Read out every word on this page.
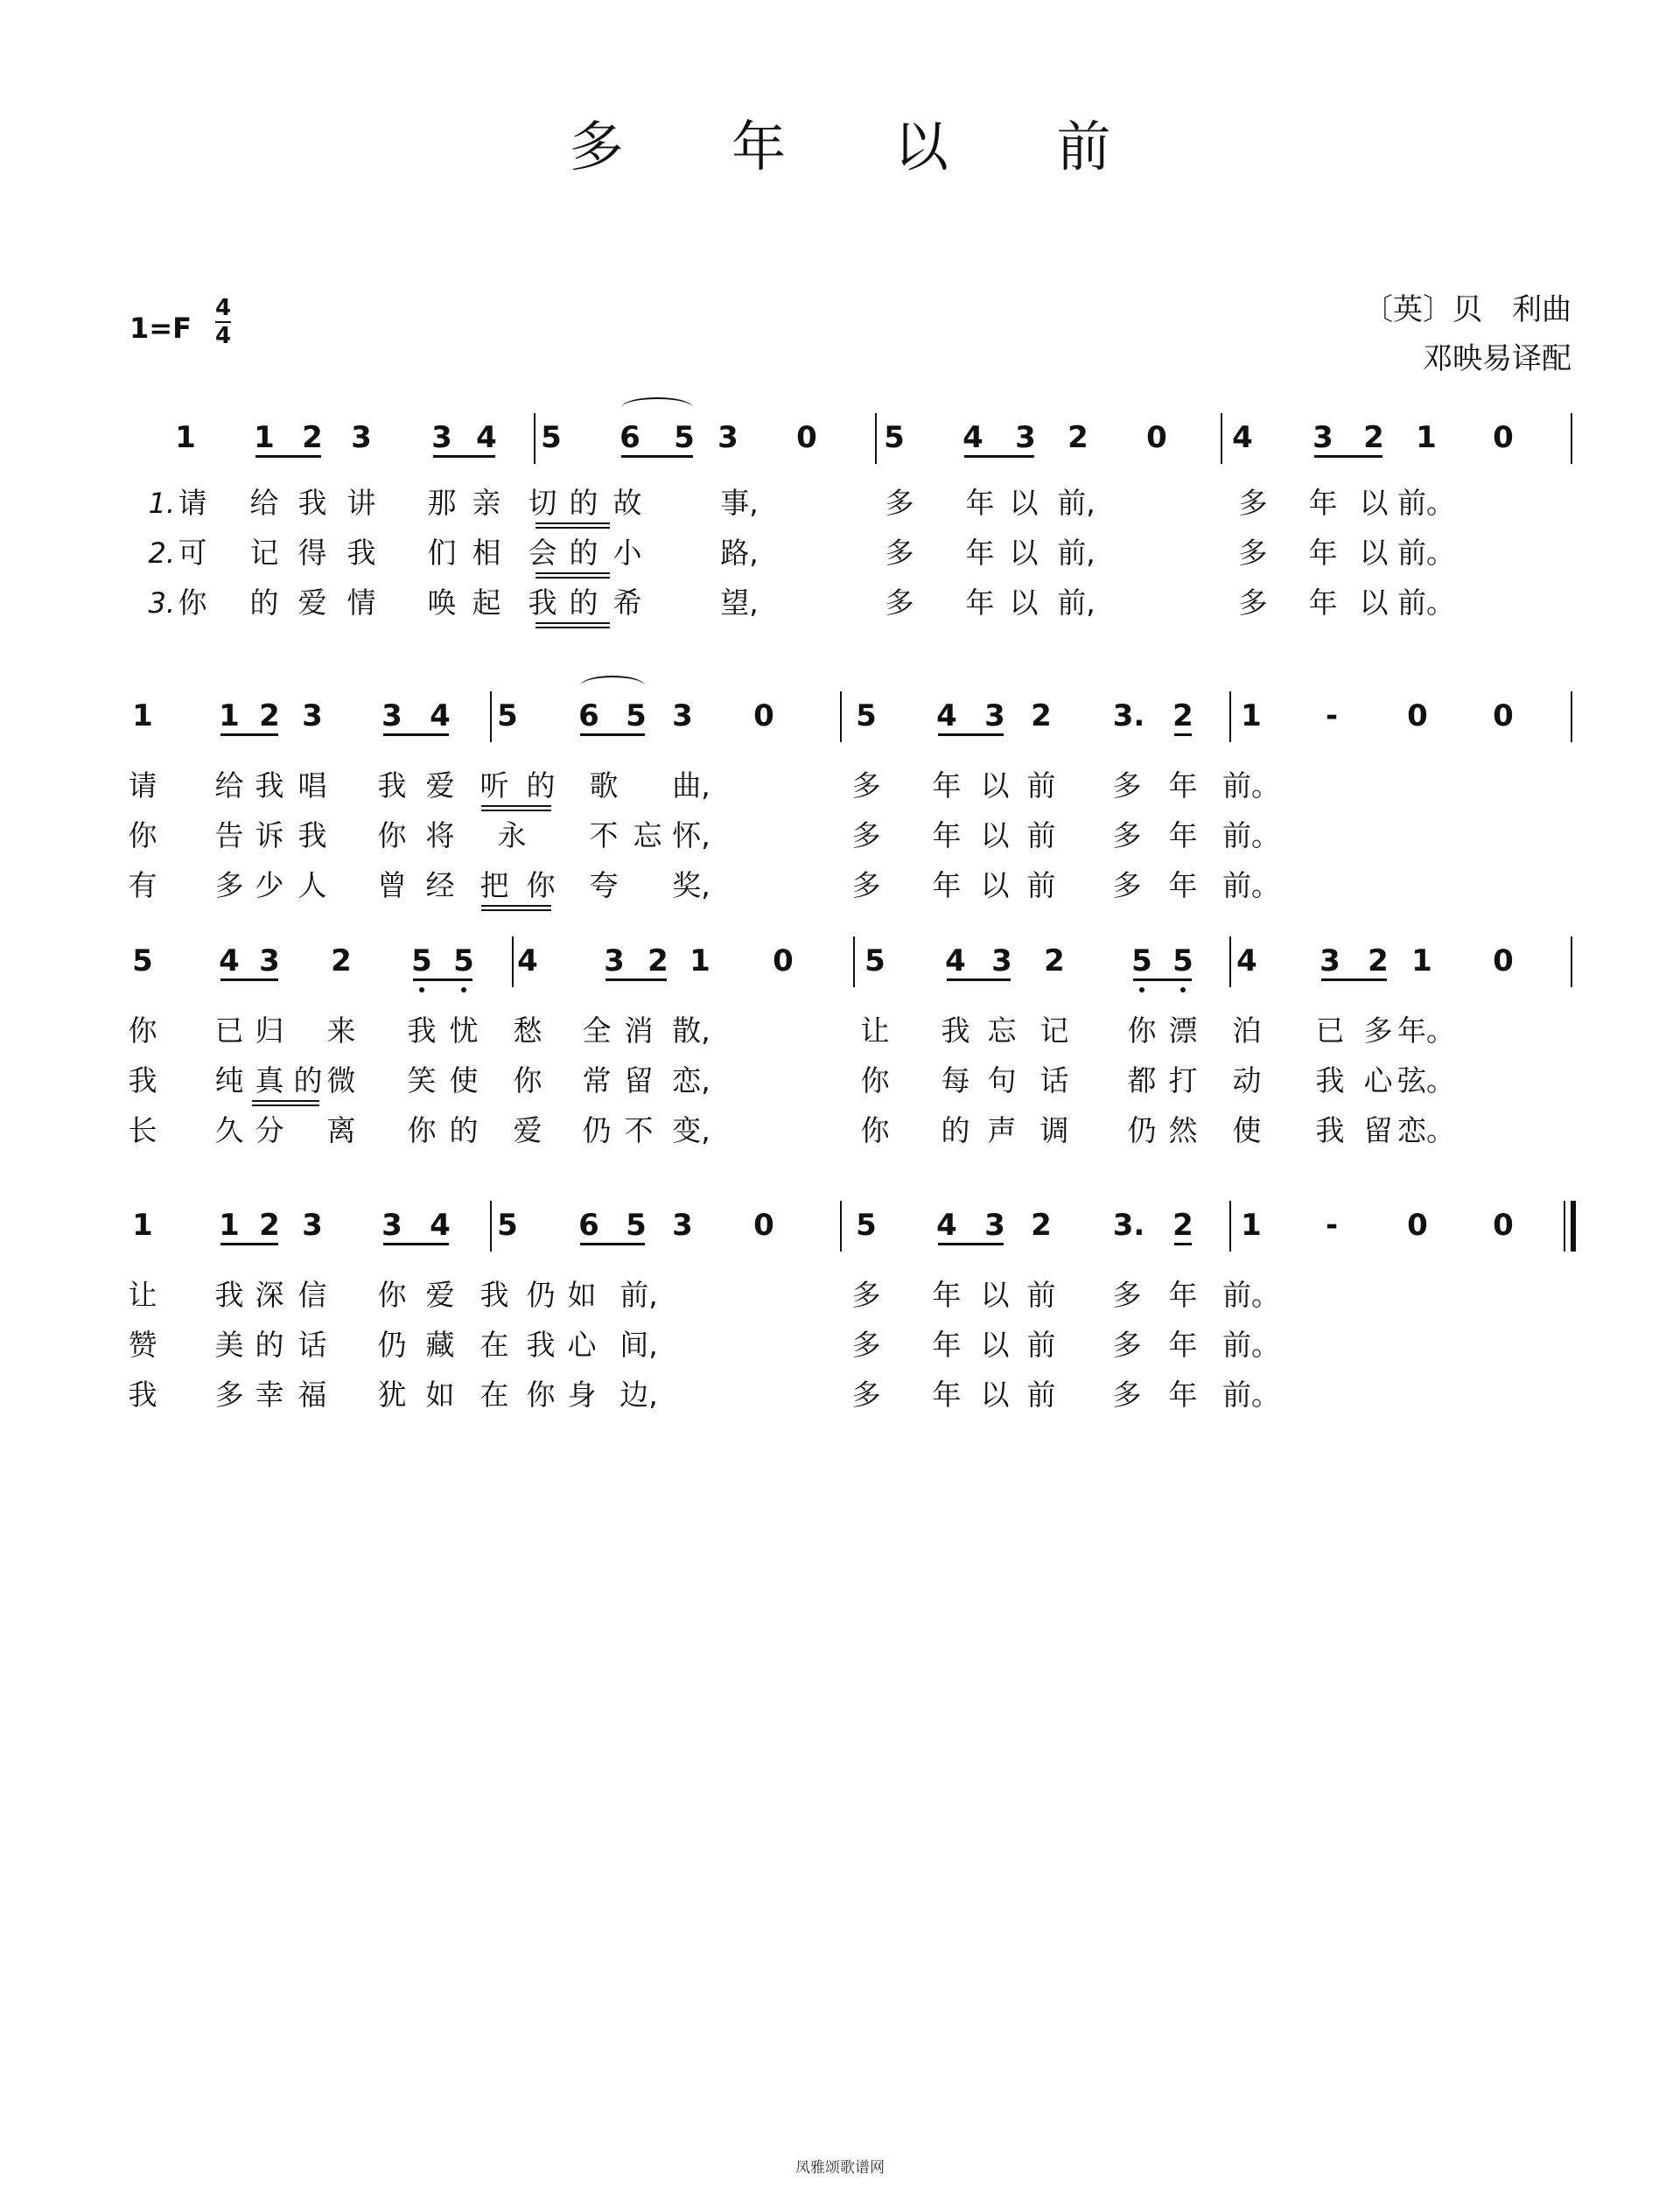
多 年 以 前
1=F
4
4
〔英〕贝　利曲
邓映易译配
1 1 2 3 3 4 5 6 5 3 0 5 4 3 2 0 4 3 2 1 0
1. 请 给 我 讲 那 亲 切 的 故	事,	多 年 以 前,	多 年 以 前。
2. 可 记 得 我 们 相 会 的 小	路,	多 年 以 前,	多 年 以 前。
3. 你 的 爱 情 唤 起 我 的 希	望,	多 年 以 前,	多 年 以 前。
1 1 2 3 3 4 5 6 5 3 0	5 4 3 2 3. 2 1 - 0 0
请 给 我 唱 我 爱 听 的 歌 曲,	多 年 以 前 多 年 前。
你 告 诉 我 你 将 永 不 忘 怀,	多 年 以 前 多 年 前。
有 多 少 人 曾 经 把 你 夸 奖,	多 年 以 前 多 年 前。
5 4 3 2 5 5 4 3 2 1 0 5 4 3 2 5 5 4 3 2 1 0
你 已 归 来 我 忧 愁 全 消 散,	让 我 忘 记 你 漂 泊 已 多 年。
我 纯 真 的 微 笑 使 你 常 留 恋,	你 每 句 话 都 打 动 我 心 弦。
长 久 分 离 你 的 爱 仍 不 变,	你 的 声 调 仍 然 使 我 留 恋。
1 1 2 3 3 4 5 6 5 3 0	5 4 3 2 3. 2 1 - 0 0
让 我 深 信 你 爱 我 仍 如 前,	多 年 以 前 多 年 前。
赞 美 的 话 仍 藏 在 我 心 间,	多 年 以 前 多 年 前。
我 多 幸 福 犹 如 在 你 身 边,	多 年 以 前 多 年 前。
凤雅颂歌谱网
